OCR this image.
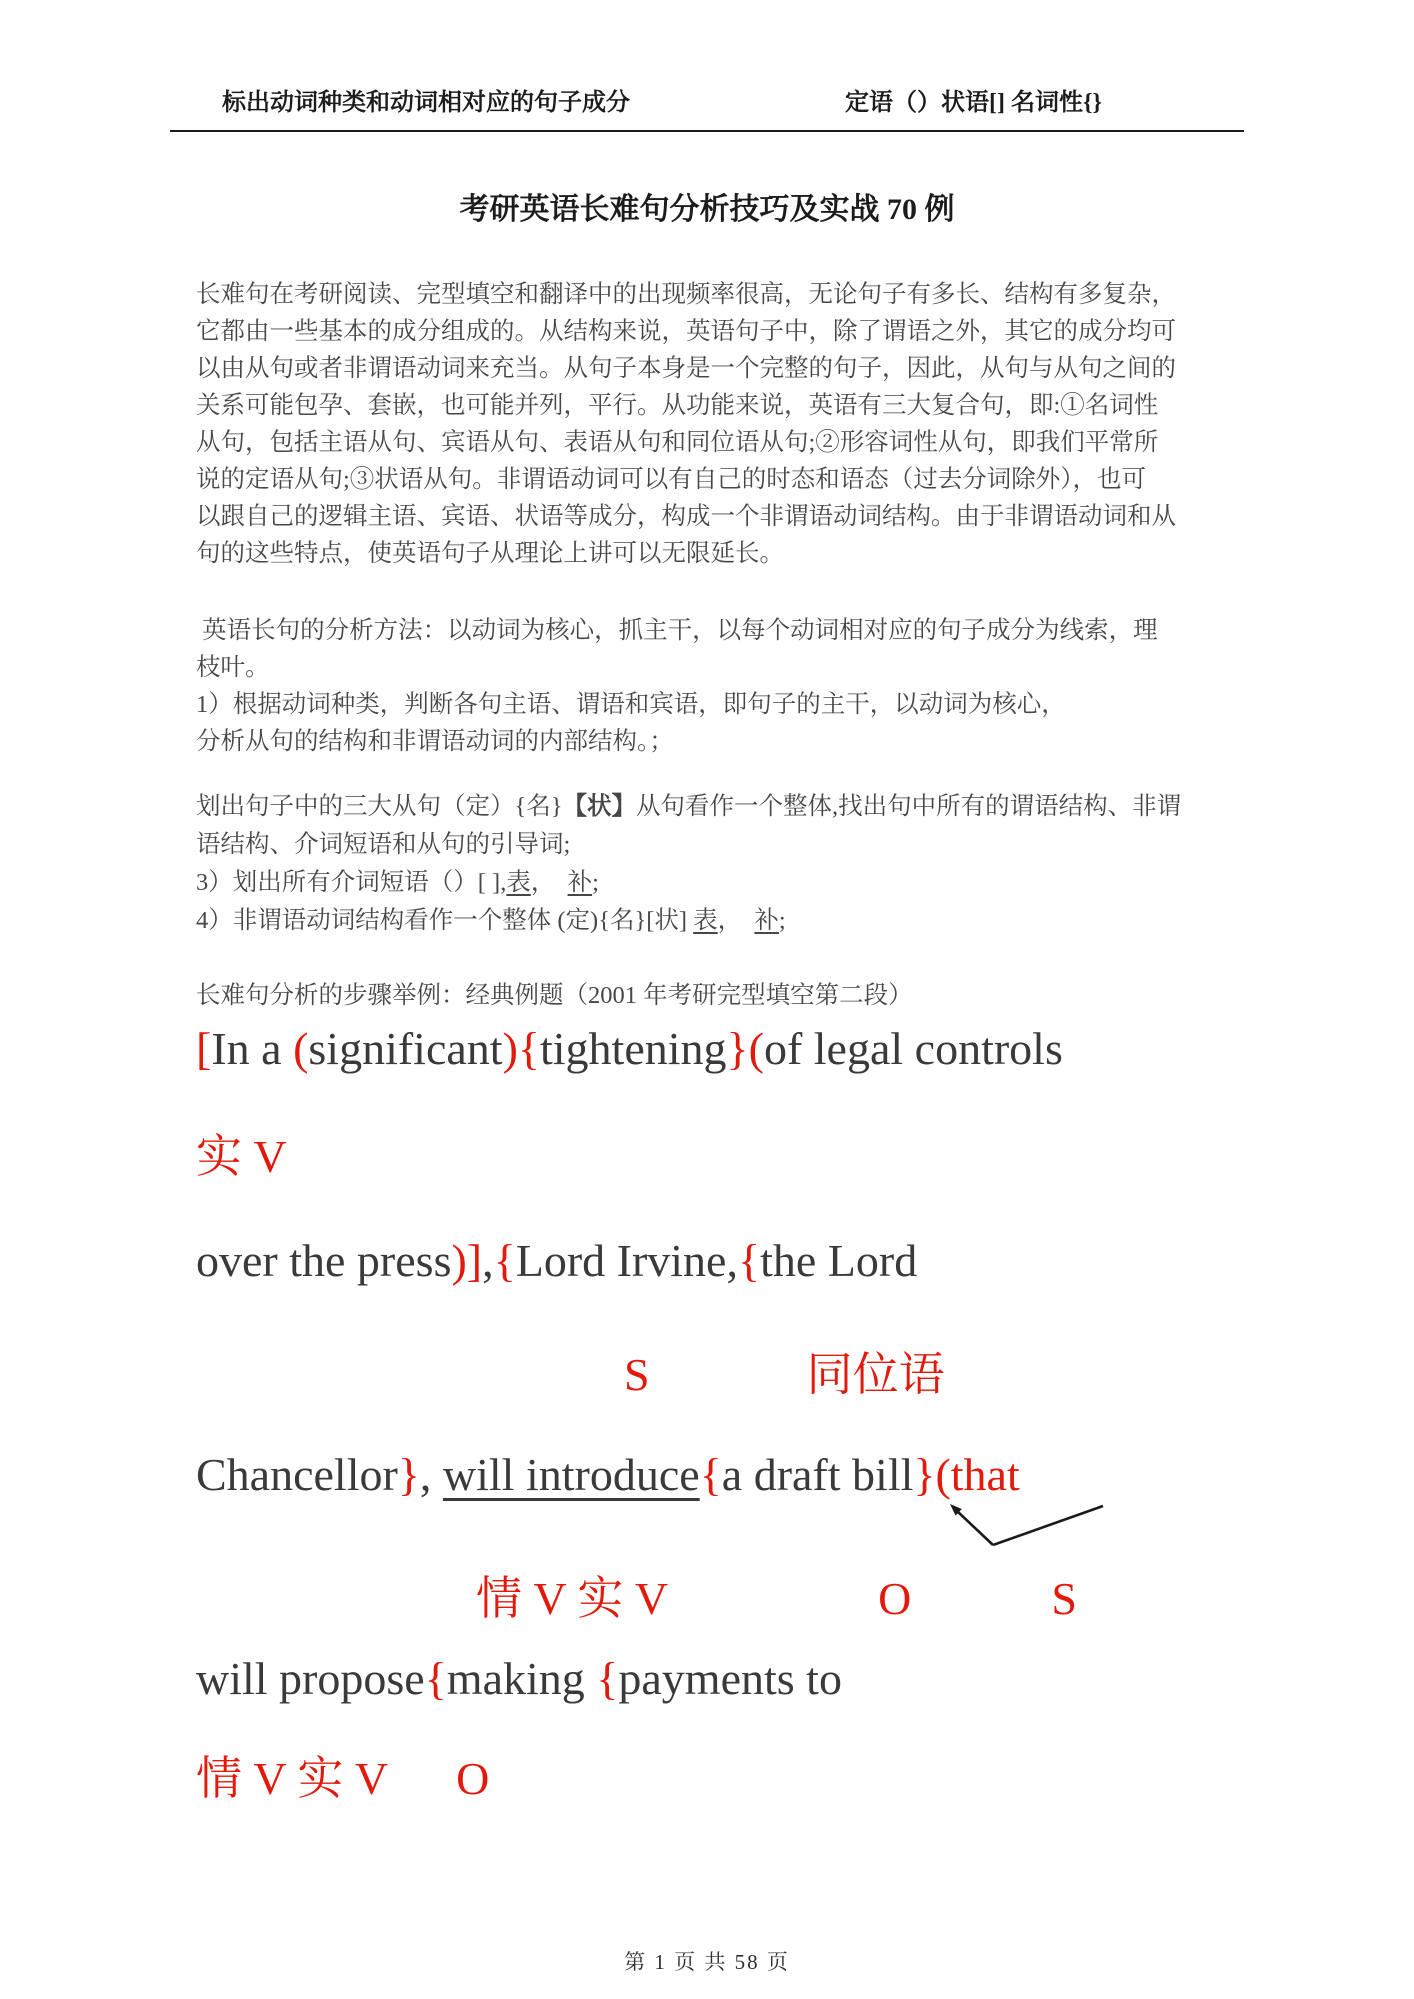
标出动词种类和动词相对应的句子成分	定语（）状语[] 名词性{}
考研英语长难句分析技巧及实战 70 例
长难句在考研阅读、完型填空和翻译中的出现频率很高，无论句子有多长、结构有多复杂，
它都由一些基本的成分组成的。从结构来说，英语句子中，除了谓语之外，其它的成分均可
以由从句或者非谓语动词来充当。从句子本身是一个完整的句子，因此，从句与从句之间的
关系可能包孕、套嵌，也可能并列，平行。从功能来说，英语有三大复合句，即:①名词性
从句，包括主语从句、宾语从句、表语从句和同位语从句;②形容词性从句，即我们平常所
说的定语从句;③状语从句。非谓语动词可以有自己的时态和语态（过去分词除外），也可
以跟自己的逻辑主语、宾语、状语等成分，构成一个非谓语动词结构。由于非谓语动词和从
句的这些特点，使英语句子从理论上讲可以无限延长。
英语长句的分析方法：以动词为核心，抓主干，以每个动词相对应的句子成分为线索，理
枝叶。
1）根据动词种类，判断各句主语、谓语和宾语，即句子的主干，以动词为核心，
分析从句的结构和非谓语动词的内部结构。；
划出句子中的三大从句（定）{名}【状】从句看作一个整体,找出句中所有的谓语结构、非谓
语结构、介词短语和从句的引导词;
3）划出所有介词短语（）[ ],表，  补;
4）非谓语动词结构看作一个整体 (定){名}[状] 表，  补;
长难句分析的步骤举例：经典例题（2001 年考研完型填空第二段）
[In a (significant){tightening}(of legal controls
实 V
over the press)],{Lord Irvine,{the Lord
S	同位语
Chancellor}, will introduce{a draft bill}(that
情 V 实 V	O	S
will propose{making {payments to
情 V 实 V O
第 1 页 共 58 页
